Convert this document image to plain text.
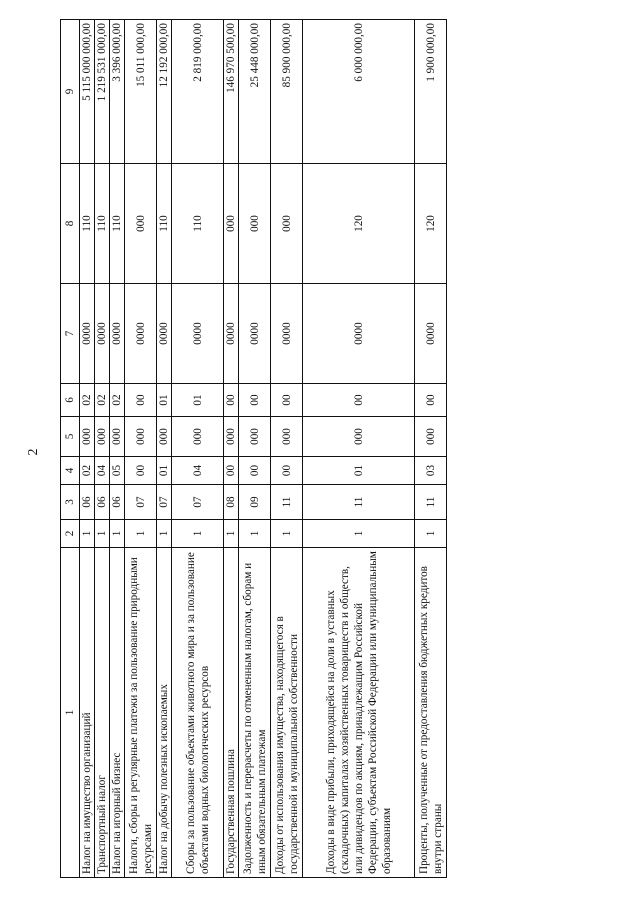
2
1	2	3	4	5	6	7	8	9
Налог на имущество организаций	1	06	02	000	02	0000	110	5 115 000 000,00
Транспортный налог	1	06	04	000	02	0000	110	1 219 531 000,00
Налог на игорный бизнес	1	06	05	000	02	0000	110	3 396 000,00
Налоги, сборы и регулярные платежи за пользование природными ресурсами	1	07	00	000	00	0000	000	15 011 000,00
Налог на добычу полезных ископаемых	1	07	01	000	01	0000	110	12 192 000,00
Сборы за пользование объектами животного мира и за пользование объектами водных биологических ресурсов	1	07	04	000	01	0000	110	2 819 000,00
Государственная пошлина	1	08	00	000	00	0000	000	146 970 500,00
Задолженность и перерасчеты по отмененным налогам, сборам и иным обязательным платежам	1	09	00	000	00	0000	000	25 448 000,00
Доходы от использования имущества, находящегося в государственной и муниципальной собственности	1	11	00	000	00	0000	000	85 900 000,00
Доходы в виде прибыли, приходящейся на доли в уставных (складочных) капиталах хозяйственных товариществ и обществ, или дивидендов по акциям, принадлежащим Российской Федерации, субъектам Российской Федерации или муниципальным образованиям	1	11	01	000	00	0000	120	6 000 000,00
Проценты, полученные от предоставления бюджетных кредитов внутри страны	1	11	03	000	00	0000	120	1 900 000,00
